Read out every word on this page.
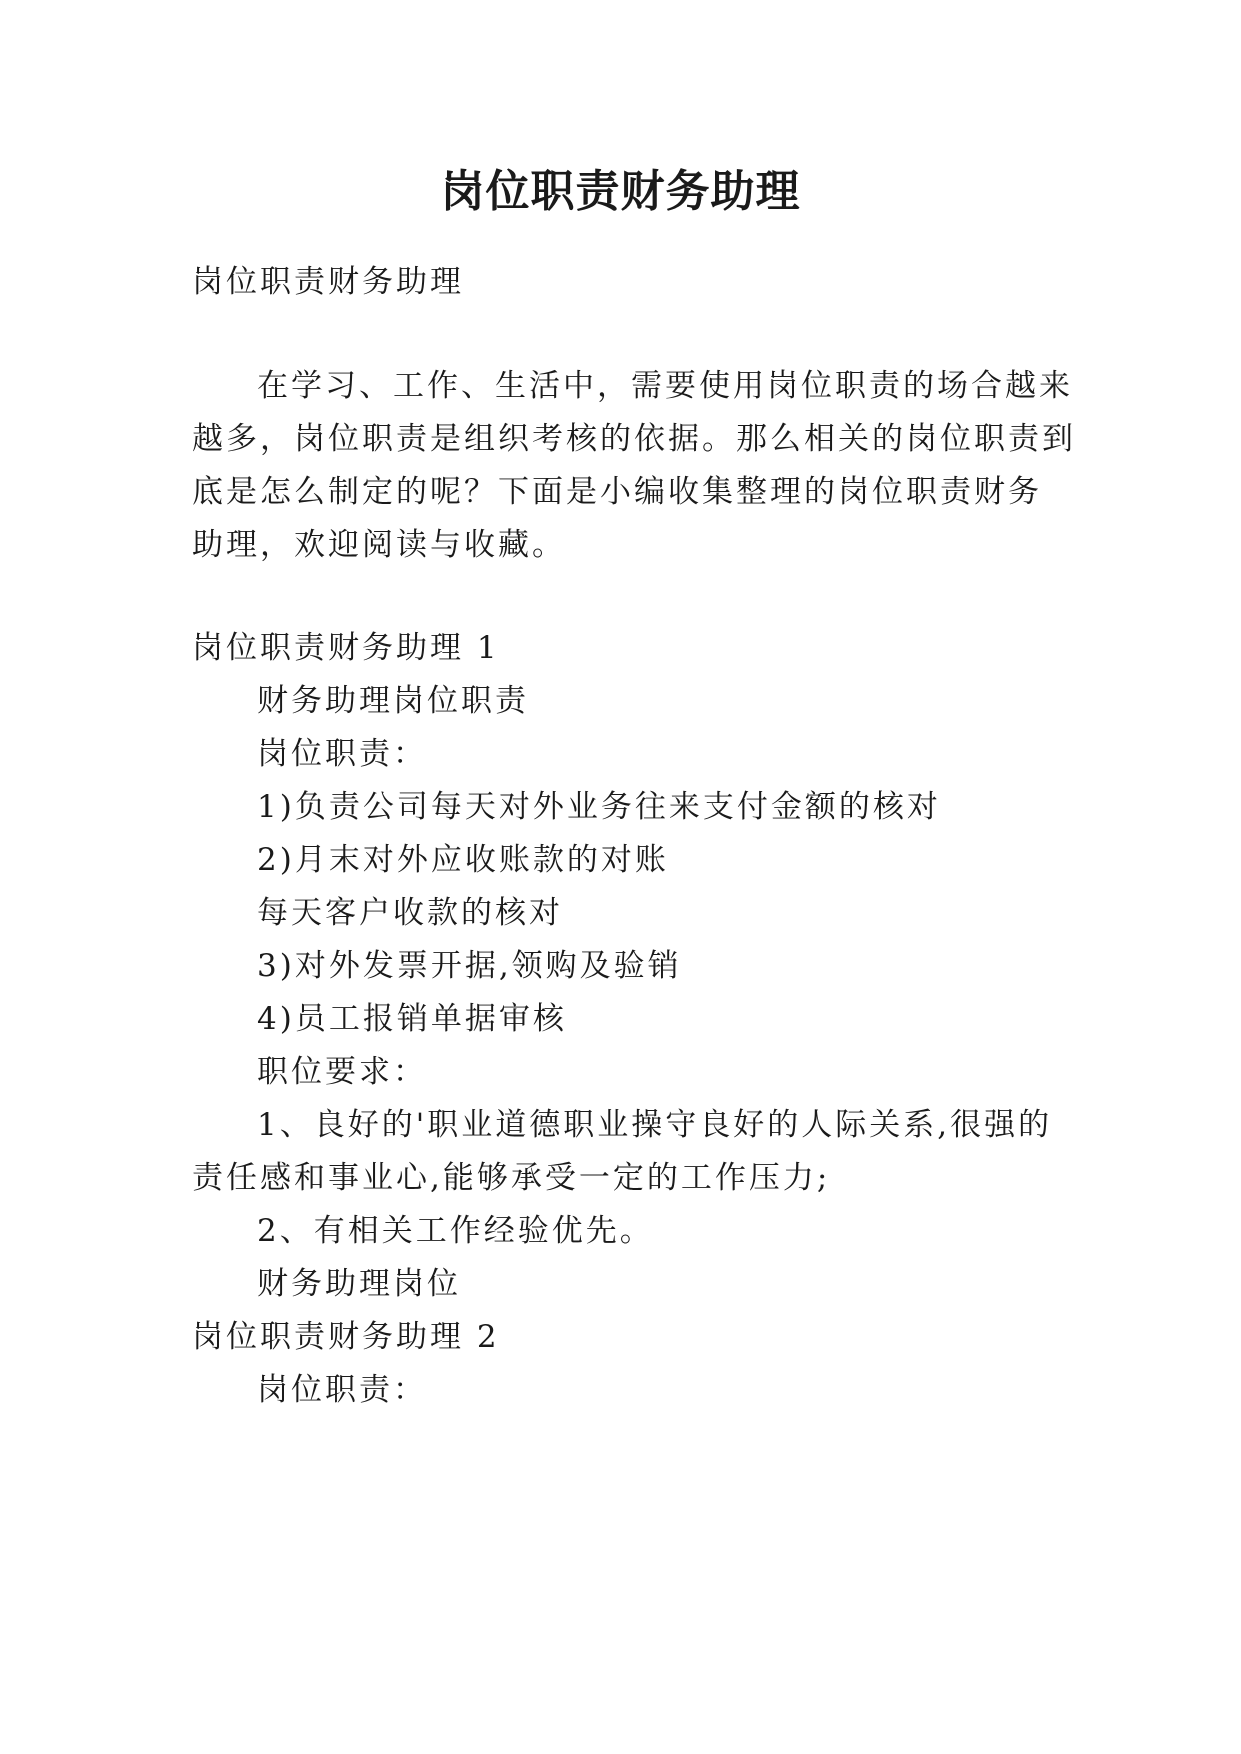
岗位职责财务助理
岗位职责财务助理
在学习、工作、生活中，需要使用岗位职责的场合越来
越多，岗位职责是组织考核的依据。那么相关的岗位职责到
底是怎么制定的呢？下面是小编收集整理的岗位职责财务
助理，欢迎阅读与收藏。
岗位职责财务助理 1
财务助理岗位职责
岗位职责：
1)负责公司每天对外业务往来支付金额的核对
2)月末对外应收账款的对账
每天客户收款的核对
3)对外发票开据,领购及验销
4)员工报销单据审核
职位要求：
1、良好的'职业道德职业操守良好的人际关系,很强的
责任感和事业心,能够承受一定的工作压力;
2、有相关工作经验优先。
财务助理岗位
岗位职责财务助理 2
岗位职责：
